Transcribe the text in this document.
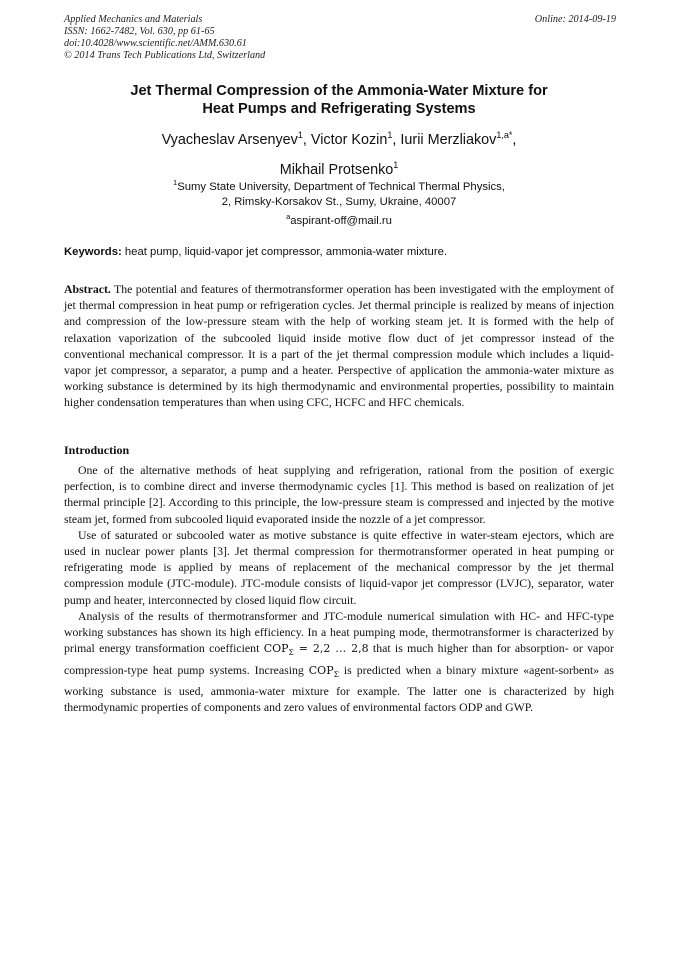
Applied Mechanics and Materials
ISSN: 1662-7482, Vol. 630, pp 61-65
doi:10.4028/www.scientific.net/AMM.630.61
© 2014 Trans Tech Publications Ltd, Switzerland
Online: 2014-09-19
Jet Thermal Compression of the Ammonia-Water Mixture for
Heat Pumps and Refrigerating Systems
Vyacheslav Arsenyev$^1$, Victor Kozin$^1$, Iurii Merzliakov$^{1,a*}$,
Mikhail Protsenko$^1$
$^1$Sumy State University, Department of Technical Thermal Physics,
2, Rimsky-Korsakov St., Sumy, Ukraine, 40007
$^a$aspirant-off@mail.ru
Keywords: heat pump, liquid-vapor jet compressor, ammonia-water mixture.

Abstract. The potential and features of thermotransformer operation has been investigated with the employment of jet thermal compression in heat pump or refrigeration cycles. Jet thermal principle is realized by means of injection and compression of the low-pressure steam with the help of working steam jet. It is formed with the help of relaxation vaporization of the subcooled liquid inside motive flow duct of jet compressor instead of the conventional mechanical compressor. It is a part of the jet thermal compression module which includes a liquid-vapor jet compressor, a separator, a pump and a heater. Perspective of application the ammonia-water mixture as working substance is determined by its high thermodynamic and environmental properties, possibility to maintain higher condensation temperatures than when using CFC, HCFC and HFC chemicals.

Introduction

One of the alternative methods of heat supplying and refrigeration, rational from the position of exergic perfection, is to combine direct and inverse thermodynamic cycles [1]. This method is based on realization of jet thermal principle [2]. According to this principle, the low-pressure steam is compressed and injected by the motive steam jet, formed from subcooled liquid evaporated inside the nozzle of a jet compressor.

Use of saturated or subcooled water as motive substance is quite effective in water-steam ejectors, which are used in nuclear power plants [3]. Jet thermal compression for thermotransformer operated in heat pumping or refrigerating mode is applied by means of replacement of the mechanical compressor by the jet thermal compression module (JTC-module). JTC-module consists of liquid-vapor jet compressor (LVJC), separator, water pump and heater, interconnected by closed liquid flow circuit.

Analysis of the results of thermotransformer and JTC-module numerical simulation with HC- and HFC-type working substances has shown its high efficiency. In a heat pumping mode, thermotransformer is characterized by primal energy transformation coefficient $COP_\Sigma = 2,2$ … 2,8 that is much higher than for absorption- or vapor compression-type heat pump systems. Increasing $COP_\Sigma$ is predicted when a binary mixture «agent-sorbent» as working substance is used, ammonia-water mixture for example. The latter one is characterized by high thermodynamic properties of components and zero values of environmental factors ODP and GWP.
